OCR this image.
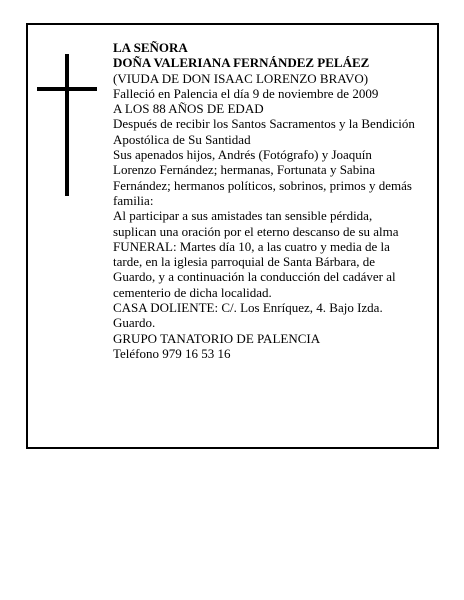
LA SEÑORA

DOÑA VALERIANA FERNÁNDEZ PELÁEZ

(VIUDA DE DON ISAAC LORENZO BRAVO)

Falleció en Palencia el día 9 de noviembre de 2009

A LOS 88 AÑOS DE EDAD

Después de recibir los Santos Sacramentos y la Bendición Apostólica de Su Santidad

Sus apenados hijos, Andrés (Fotógrafo) y Joaquín Lorenzo Fernández; hermanas, Fortunata y Sabina Fernández; hermanos políticos, sobrinos, primos y demás familia:

Al participar a sus amistades tan sensible pérdida, suplican una oración por el eterno descanso de su alma

FUNERAL: Martes día 10, a las cuatro y media de la tarde, en la iglesia parroquial de Santa Bárbara, de Guardo, y a continuación la conducción del cadáver al cementerio de dicha localidad.

CASA DOLIENTE: C/. Los Enríquez, 4. Bajo Izda. Guardo.

GRUPO TANATORIO DE PALENCIA

Teléfono 979 16 53 16
